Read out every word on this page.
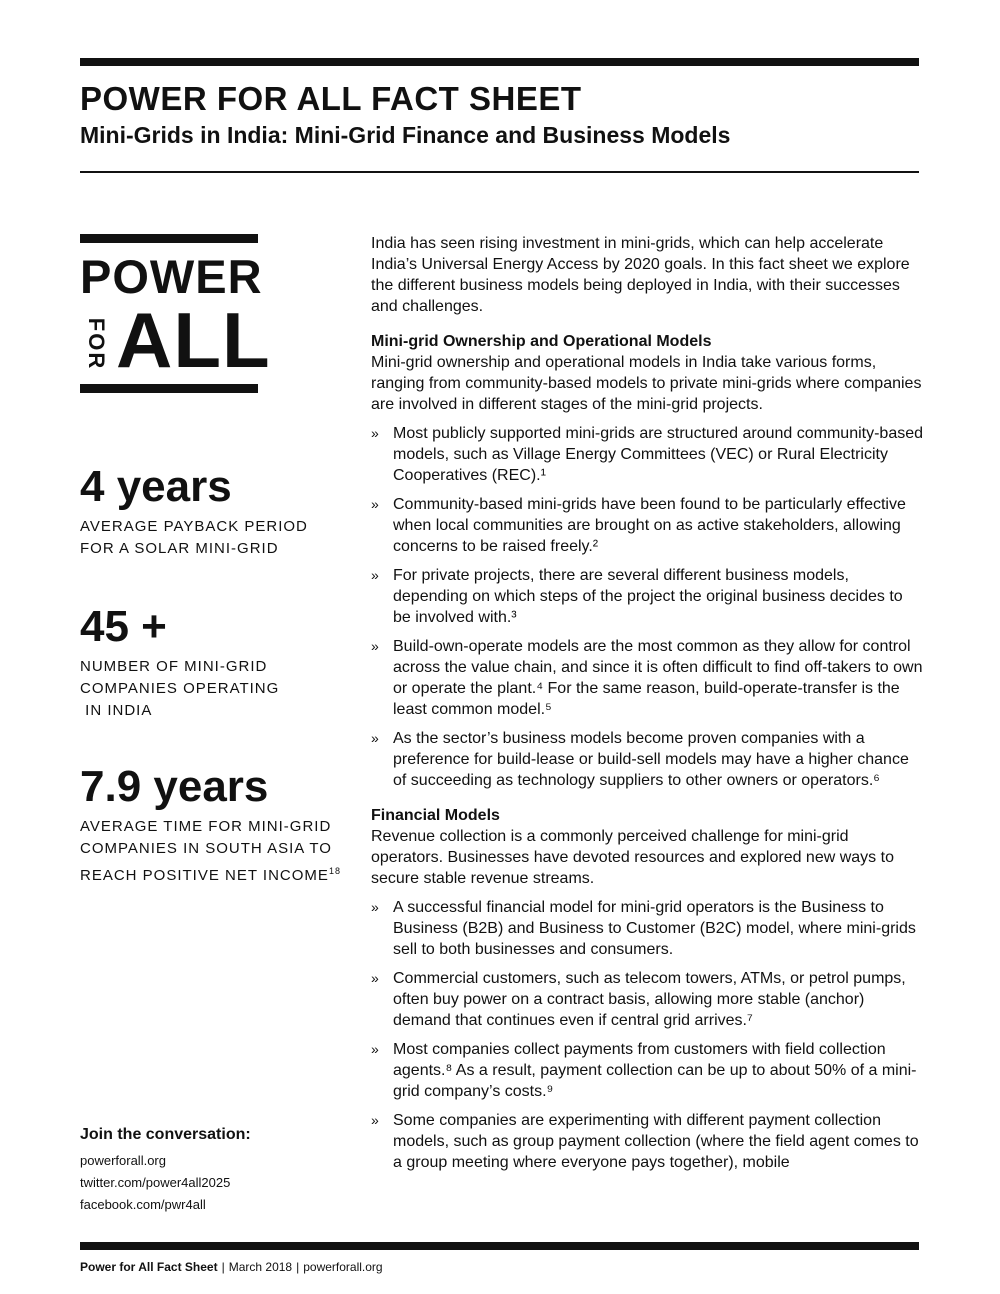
POWER FOR ALL FACT SHEET
Mini-Grids in India: Mini-Grid Finance and Business Models
POWER
FOR ALL
4 years
AVERAGE PAYBACK PERIOD
FOR A SOLAR MINI-GRID
45 +
NUMBER OF MINI-GRID
COMPANIES OPERATING
IN INDIA
7.9 years
AVERAGE TIME FOR MINI-GRID
COMPANIES IN SOUTH ASIA TO
REACH POSITIVE NET INCOME$^{18}$
Join the conversation:
powerforall.org
twitter.com/power4all2025
facebook.com/pwr4all

India has seen rising investment in mini-grids, which can help accelerate India’s Universal Energy Access by 2020 goals. In this fact sheet we explore the different business models being deployed in India, with their successes and challenges.

Mini-grid Ownership and Operational Models

Mini-grid ownership and operational models in India take various forms, ranging from community-based models to private mini-grids where companies are involved in different stages of the mini-grid projects.

» Most publicly supported mini-grids are structured around community-based models, such as Village Energy Committees (VEC) or Rural Electricity Cooperatives (REC).¹
» Community-based mini-grids have been found to be particularly effective when local communities are brought on as active stakeholders, allowing concerns to be raised freely.²
» For private projects, there are several different business models, depending on which steps of the project the original business decides to be involved with.³
» Build-own-operate models are the most common as they allow for control across the value chain, and since it is often difficult to find off-takers to own or operate the plant.⁴ For the same reason, build-operate-transfer is the least common model.⁵
» As the sector’s business models become proven companies with a preference for build-lease or build-sell models may have a higher chance of succeeding as technology suppliers to other owners or operators.⁶
Financial Models

Revenue collection is a commonly perceived challenge for mini-grid operators. Businesses have devoted resources and explored new ways to secure stable revenue streams.

» A successful financial model for mini-grid operators is the Business to Business (B2B) and Business to Customer (B2C) model, where mini-grids sell to both businesses and consumers.
» Commercial customers, such as telecom towers, ATMs, or petrol pumps, often buy power on a contract basis, allowing more stable (anchor) demand that continues even if central grid arrives.⁷
» Most companies collect payments from customers with field collection agents.⁸ As a result, payment collection can be up to about 50% of a mini-grid company’s costs.⁹
» Some companies are experimenting with different payment collection models, such as group payment collection (where the field agent comes to a group meeting where everyone pays together), mobile
Power for All Fact Sheet | March 2018 | powerforall.org
